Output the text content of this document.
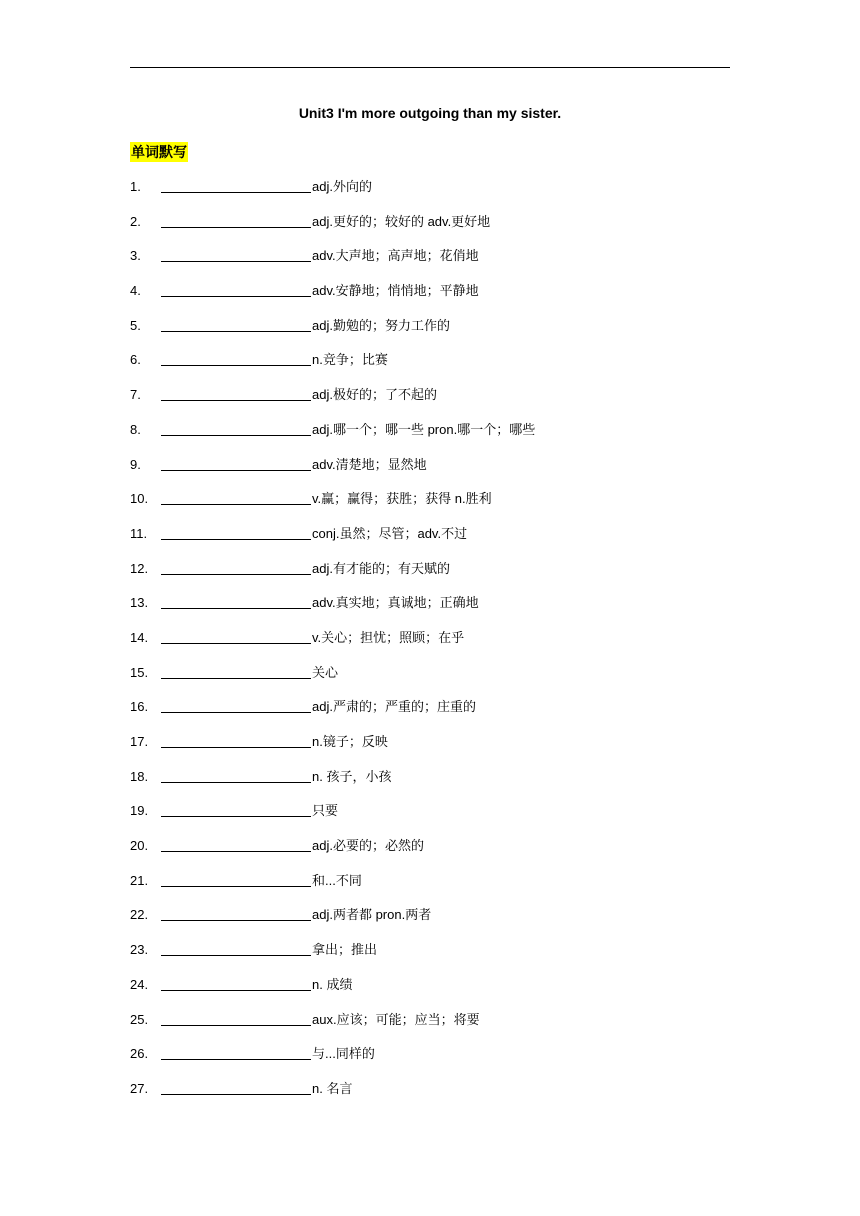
Unit3 I'm more outgoing than my sister.
单词默写
1.	adj.外向的
2.	adj.更好的；较好的 adv.更好地
3.	adv.大声地；高声地；花俏地
4.	adv.安静地；悄悄地；平静地
5.	adj.勤勉的；努力工作的
6.	n.竞争；比赛
7.	adj.极好的；了不起的
8.	adj.哪一个；哪一些 pron.哪一个；哪些
9.	adv.清楚地；显然地
10.	v.赢；赢得；获胜；获得 n.胜利
11.	conj.虽然；尽管；adv.不过
12.	adj.有才能的；有天赋的
13.	adv.真实地；真诚地；正确地
14.	v.关心；担忧；照顾；在乎
15.	关心
16.	adj.严肃的；严重的；庄重的
17.	n.镜子；反映
18.	n. 孩子，小孩
19.	只要
20.	adj.必要的；必然的
21.	和...不同
22.	adj.两者都 pron.两者
23.	拿出；推出
24.	n. 成绩
25.	aux.应该；可能；应当；将要
26.	与...同样的
27.	n. 名言
